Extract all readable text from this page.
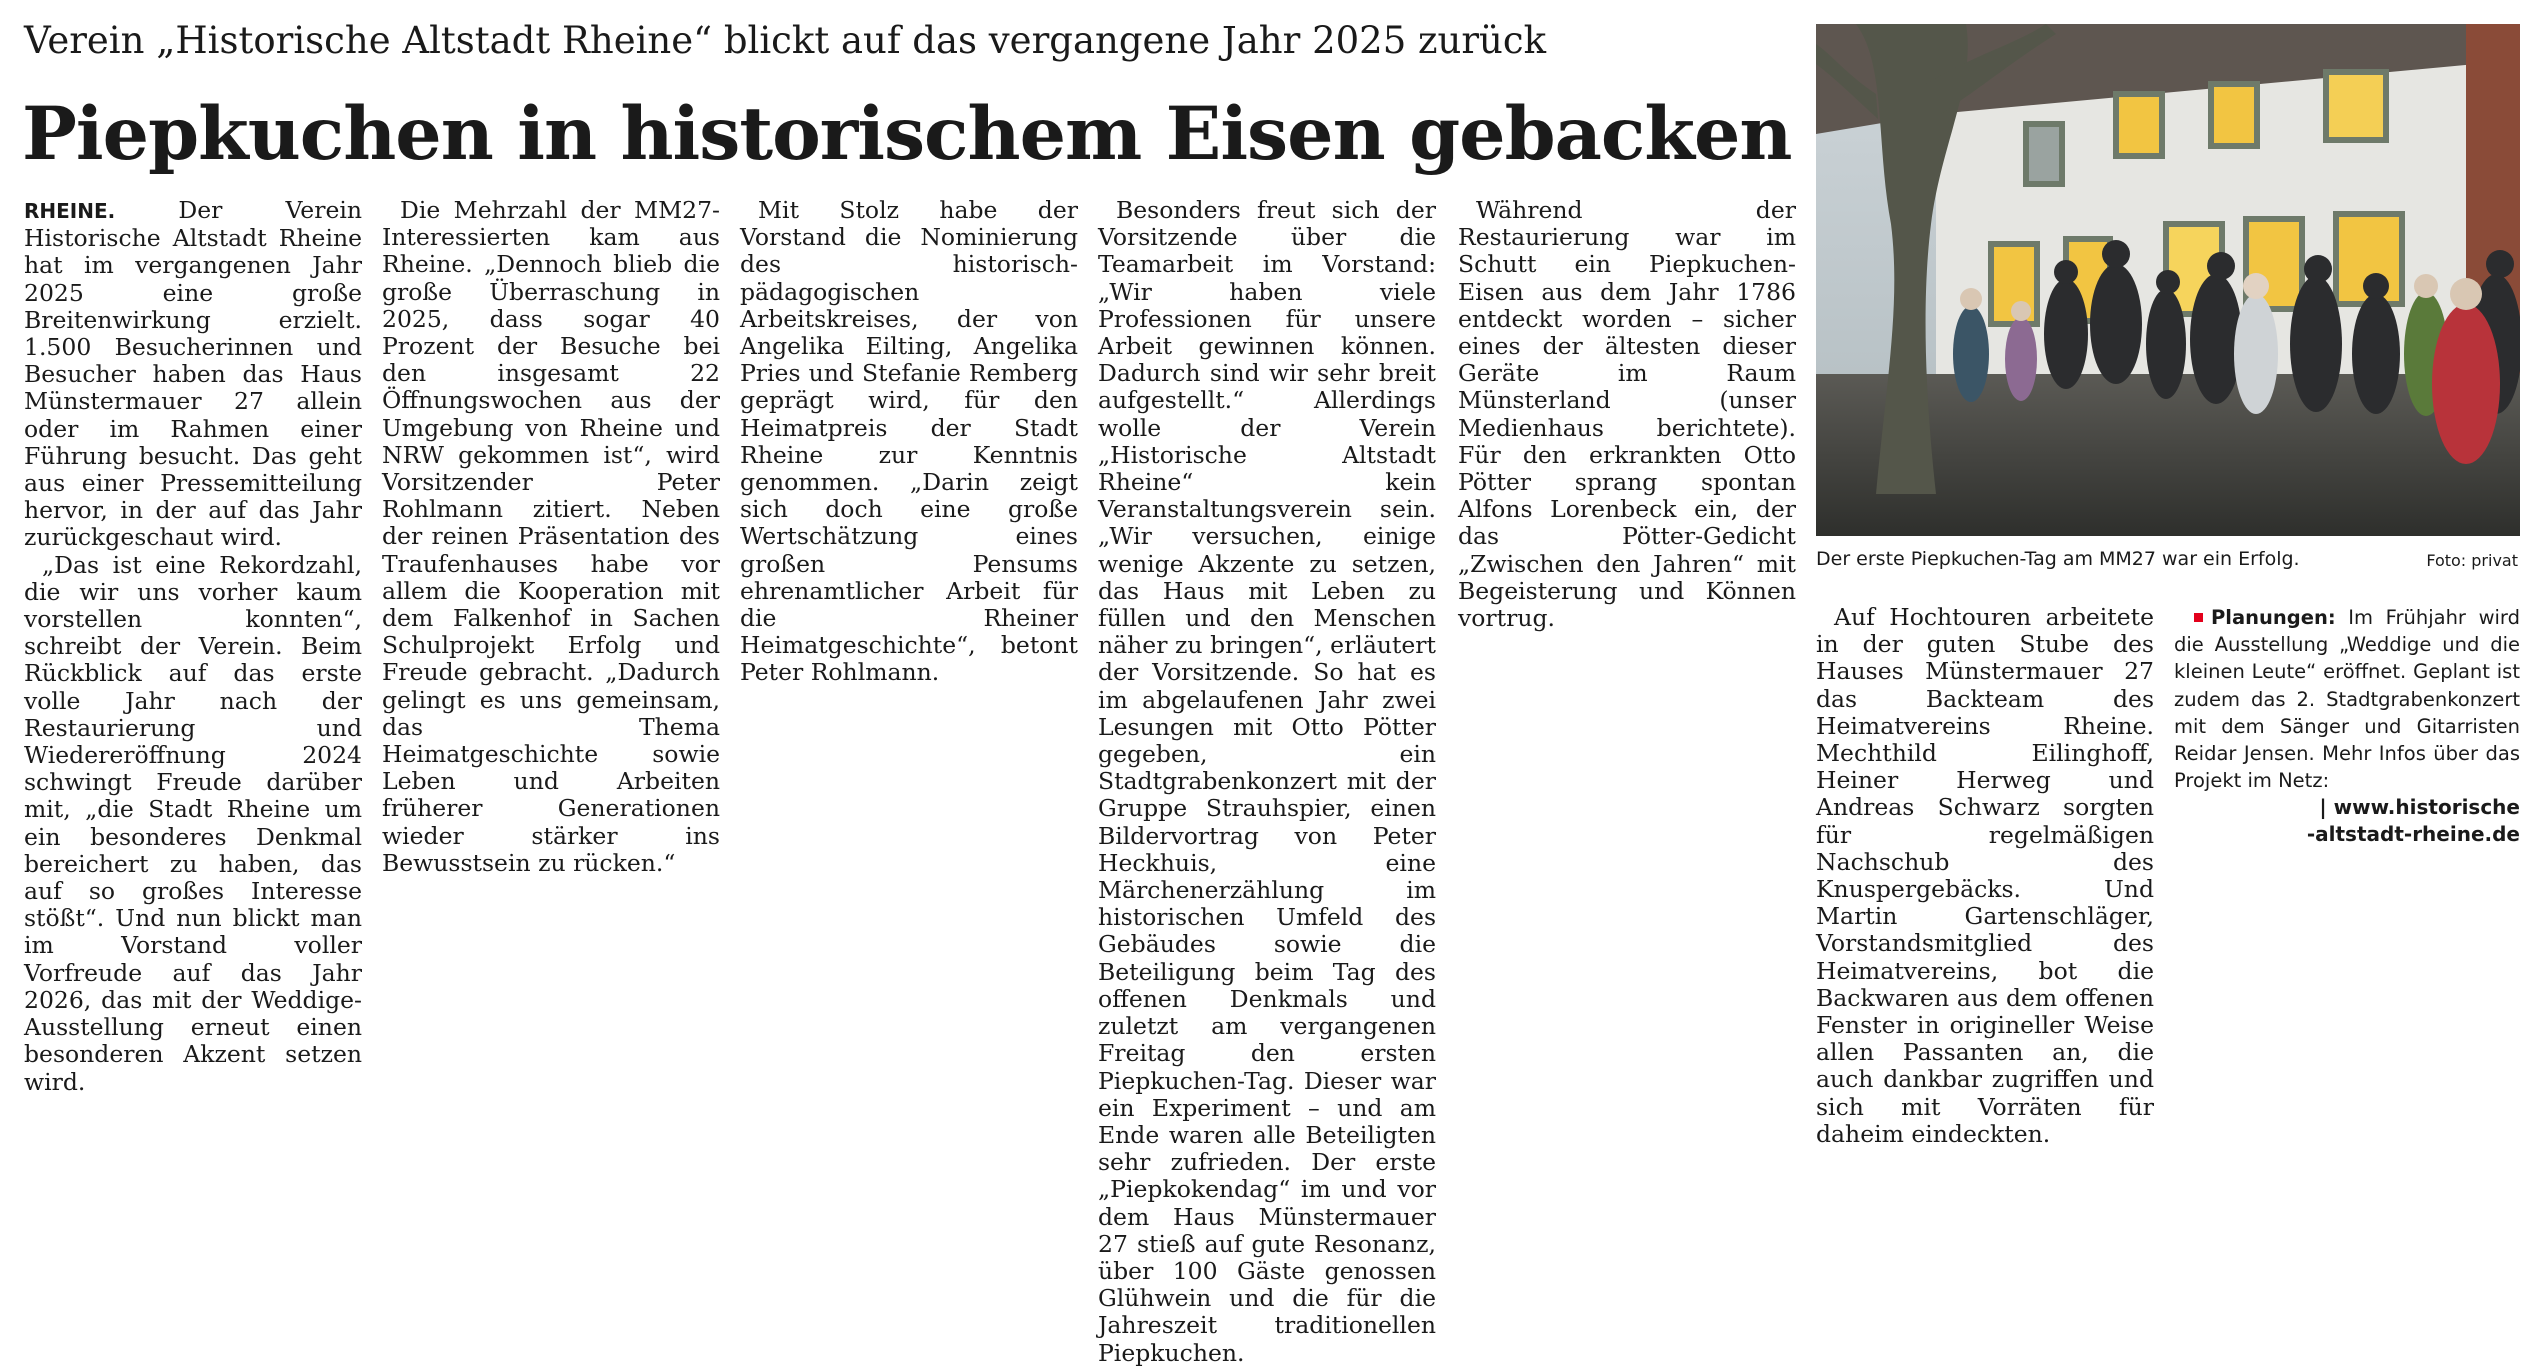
Verein „Historische Altstadt Rheine“ blickt auf das vergangene Jahr 2025 zurück
Piepkuchen in historischem Eisen gebacken

RHEINE. Der Verein Historische Altstadt Rheine hat im vergangenen Jahr 2025 eine große Breitenwirkung erzielt. 1.500 Besucherinnen und Besucher haben das Haus Münstermauer 27 allein oder im Rahmen einer Führung besucht. Das geht aus einer Pressemitteilung hervor, in der auf das Jahr zurückgeschaut wird.

„Das ist eine Rekordzahl, die wir uns vorher kaum vorstellen konnten“, schreibt der Verein. Beim Rückblick auf das erste volle Jahr nach der Restaurierung und Wiedereröffnung 2024 schwingt Freude darüber mit, „die Stadt Rheine um ein besonderes Denkmal bereichert zu haben, das auf so großes Interesse stößt“. Und nun blickt man im Vorstand voller Vorfreude auf das Jahr 2026, das mit der Weddige-Ausstellung erneut einen besonderen Akzent setzen wird.

Die Mehrzahl der MM27-Interessierten kam aus Rheine. „Dennoch blieb die große Überraschung in 2025, dass sogar 40 Prozent der Besuche bei den insgesamt 22 Öffnungswochen aus der Umgebung von Rheine und NRW gekommen ist“, wird Vorsitzender Peter Rohlmann zitiert. Neben der reinen Präsentation des Traufenhauses habe vor allem die Kooperation mit dem Falkenhof in Sachen Schulprojekt Erfolg und Freude gebracht. „Dadurch gelingt es uns gemeinsam, das Thema Heimatgeschichte sowie Leben und Arbeiten früherer Generationen wieder stärker ins Bewusstsein zu rücken.“

Mit Stolz habe der Vorstand die Nominierung des historisch-pädagogischen Arbeitskreises, der von Angelika Eilting, Angelika Pries und Stefanie Remberg geprägt wird, für den Heimatpreis der Stadt Rheine zur Kenntnis genommen. „Darin zeigt sich doch eine große Wertschätzung eines großen Pensums ehrenamtlicher Arbeit für die Rheiner Heimatgeschichte“, betont Peter Rohlmann.

Besonders freut sich der Vorsitzende über die Teamarbeit im Vorstand: „Wir haben viele Professionen für unsere Arbeit gewinnen können. Dadurch sind wir sehr breit aufgestellt.“ Allerdings wolle der Verein „Historische Altstadt Rheine“ kein Veranstaltungsverein sein. „Wir versuchen, einige wenige Akzente zu setzen, das Haus mit Leben zu füllen und den Menschen näher zu bringen“, erläutert der Vorsitzende. So hat es im abgelaufenen Jahr zwei Lesungen mit Otto Pötter gegeben, ein Stadtgrabenkonzert mit der Gruppe Strauhspier, einen Bildervortrag von Peter Heckhuis, eine Märchenerzählung im historischen Umfeld des Gebäudes sowie die Beteiligung beim Tag des offenen Denkmals und zuletzt am vergangenen Freitag den ersten Piepkuchen-Tag. Dieser war ein Experiment – und am Ende waren alle Beteiligten sehr zufrieden. Der erste „Piepkokendag“ im und vor dem Haus Münstermauer 27 stieß auf gute Resonanz, über 100 Gäste genossen Glühwein und die für die Jahreszeit traditionellen Piepkuchen.

Während der Restaurierung war im Schutt ein Piepkuchen-Eisen aus dem Jahr 1786 entdeckt worden – sicher eines der ältesten dieser Geräte im Raum Münsterland (unser Medienhaus berichtete). Für den erkrankten Otto Pötter sprang spontan Alfons Lorenbeck ein, der das Pötter-Gedicht „Zwischen den Jahren“ mit Begeisterung und Können vortrug.

Der erste Piepkuchen-Tag am MM27 war ein Erfolg.	Foto: privat

Auf Hochtouren arbeitete in der guten Stube des Hauses Münstermauer 27 das Backteam des Heimatvereins Rheine. Mechthild Eilinghoff, Heiner Herweg und Andreas Schwarz sorgten für regelmäßigen Nachschub des Knuspergebäcks. Und Martin Gartenschläger, Vorstandsmitglied des Heimatvereins, bot die Backwaren aus dem offenen Fenster in origineller Weise allen Passanten an, die auch dankbar zugriffen und sich mit Vorräten für daheim eindeckten.

Planungen: Im Frühjahr wird die Ausstellung „Weddige und die kleinen Leute“ eröffnet. Geplant ist zudem das 2. Stadtgrabenkonzert mit dem Sänger und Gitarristen Reidar Jensen. Mehr Infos über das Projekt im Netz:
| www.historische
-altstadt-rheine.de
